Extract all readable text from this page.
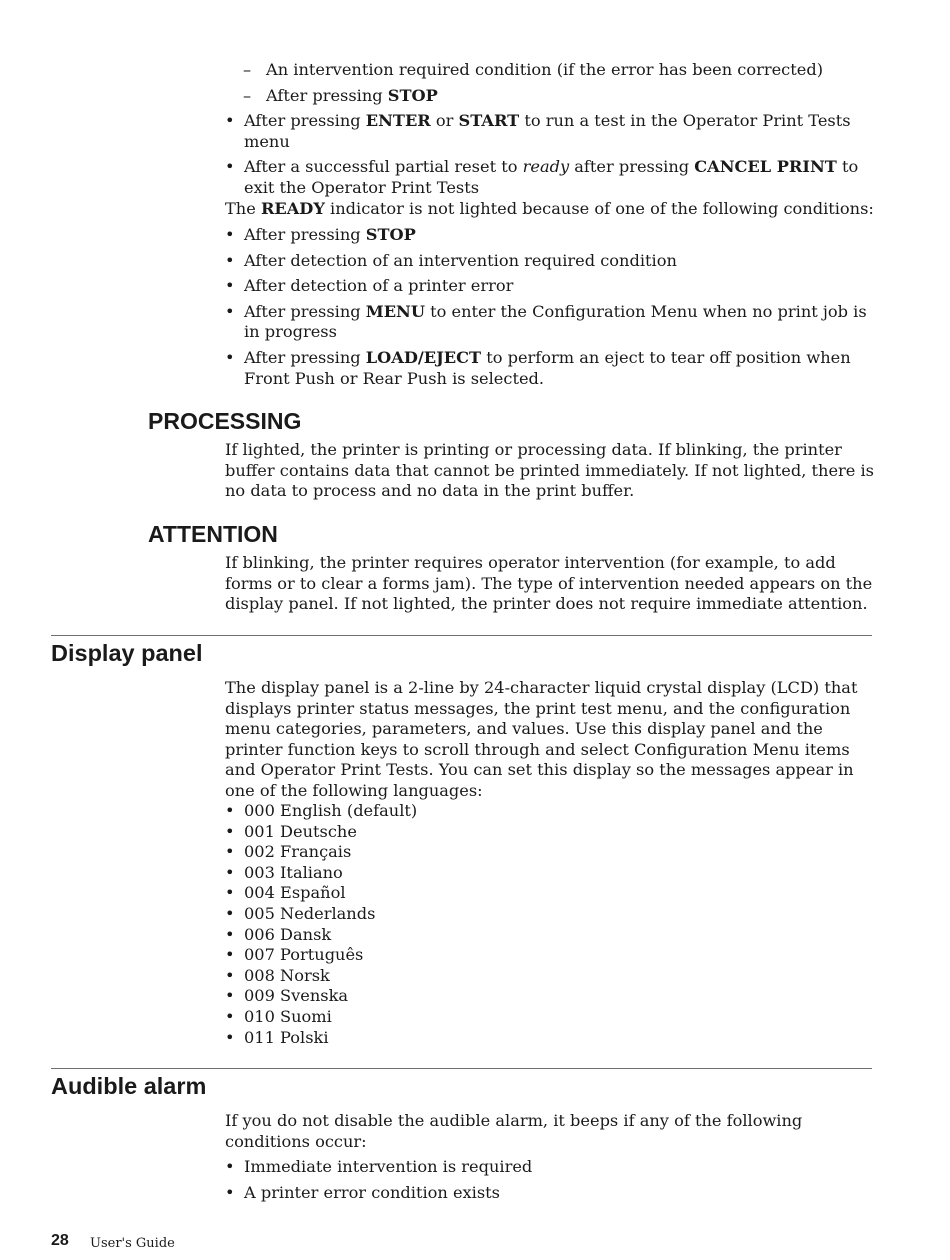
– An intervention required condition (if the error has been corrected)
– After pressing STOP
• After pressing ENTER or START to run a test in the Operator Print Tests menu
• After a successful partial reset to ready after pressing CANCEL PRINT to exit the Operator Print Tests

The READY indicator is not lighted because of one of the following conditions:

• After pressing STOP
• After detection of an intervention required condition
• After detection of a printer error
• After pressing MENU to enter the Configuration Menu when no print job is in progress
• After pressing LOAD/EJECT to perform an eject to tear off position when Front Push or Rear Push is selected.
PROCESSING

If lighted, the printer is printing or processing data. If blinking, the printer buffer contains data that cannot be printed immediately. If not lighted, there is no data to process and no data in the print buffer.

ATTENTION

If blinking, the printer requires operator intervention (for example, to add forms or to clear a forms jam). The type of intervention needed appears on the display panel. If not lighted, the printer does not require immediate attention.

Display panel

The display panel is a 2-line by 24-character liquid crystal display (LCD) that displays printer status messages, the print test menu, and the configuration menu categories, parameters, and values. Use this display panel and the printer function keys to scroll through and select Configuration Menu items and Operator Print Tests. You can set this display so the messages appear in one of the following languages:

• 000 English (default)
• 001 Deutsche
• 002 Français
• 003 Italiano
• 004 Español
• 005 Nederlands
• 006 Dansk
• 007 Português
• 008 Norsk
• 009 Svenska
• 010 Suomi
• 011 Polski
Audible alarm

If you do not disable the audible alarm, it beeps if any of the following conditions occur:

• Immediate intervention is required
• A printer error condition exists
28 User's Guide
